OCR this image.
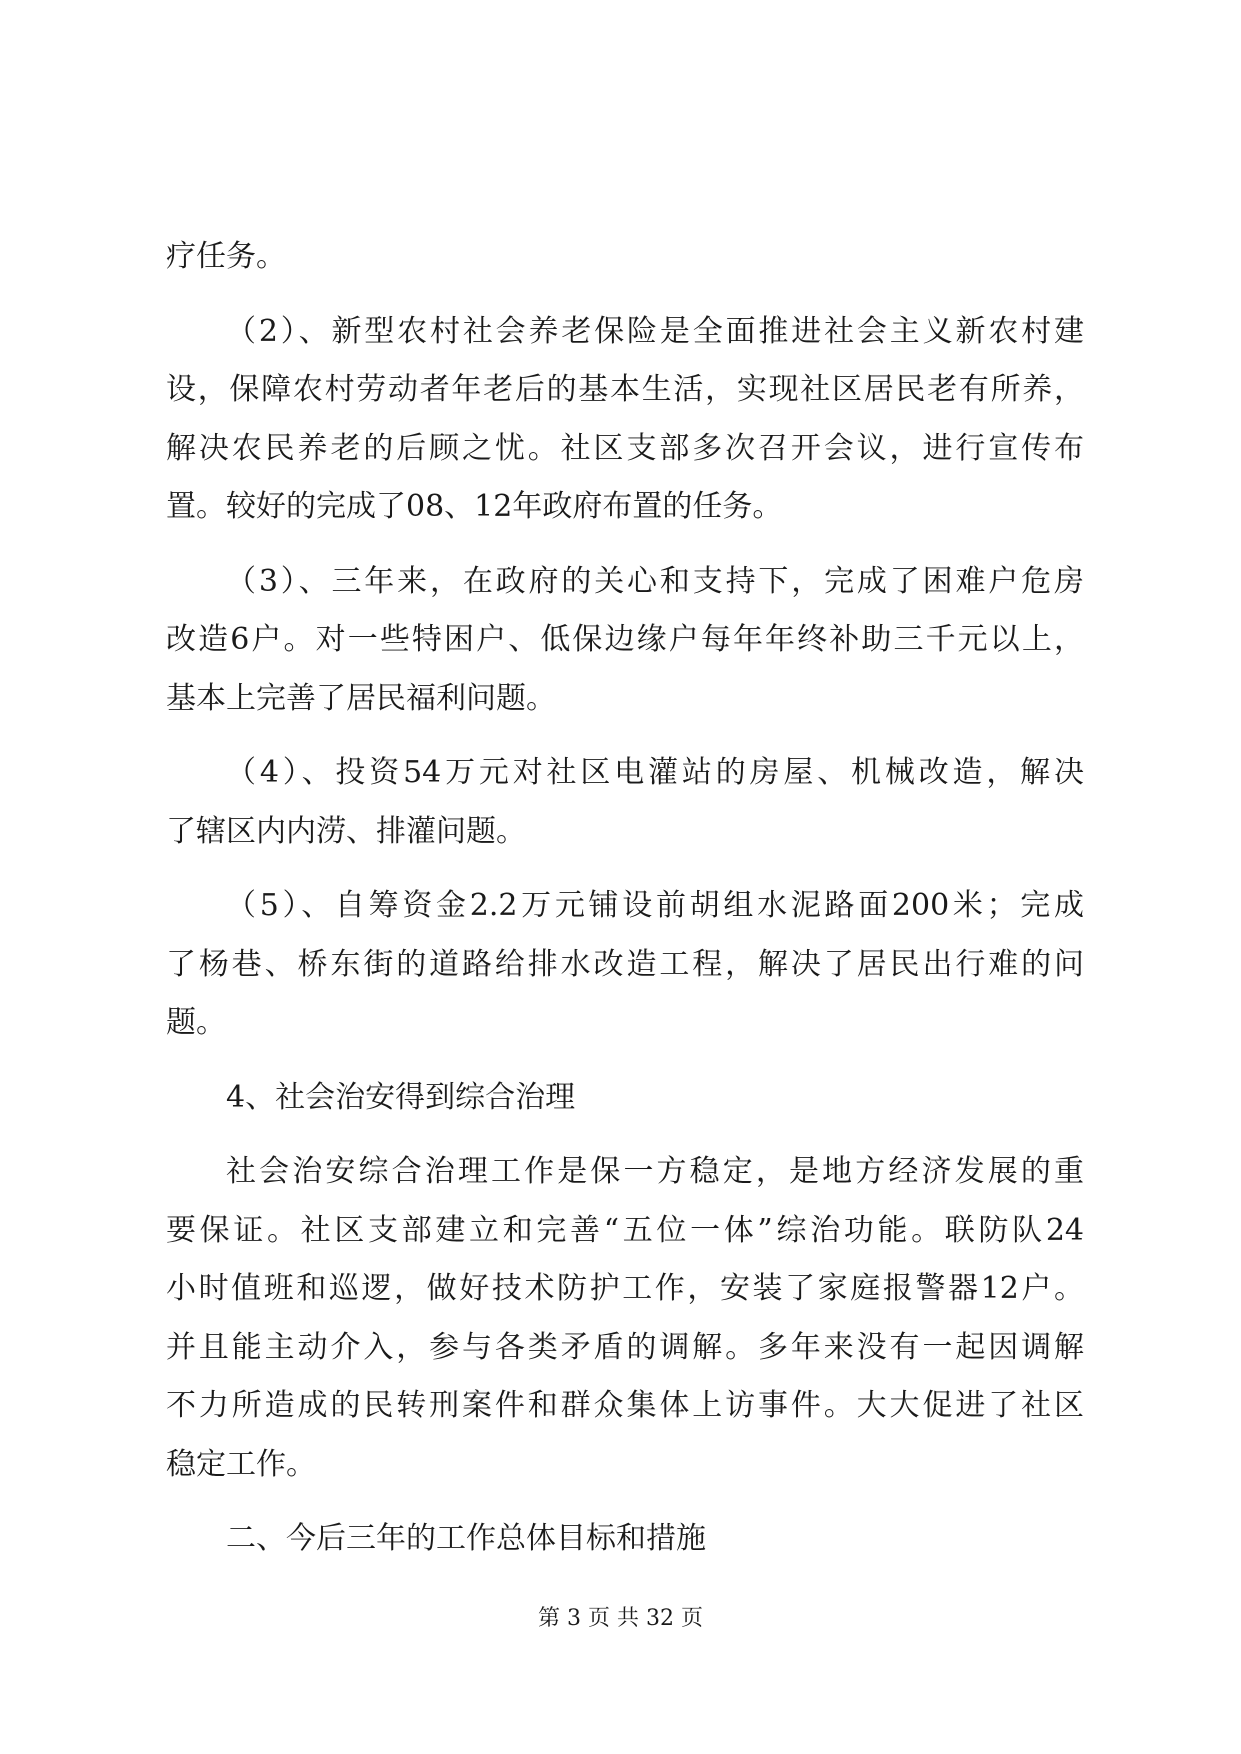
疗任务。
（2）、新型农村社会养老保险是全面推进社会主义新农村建
设，保障农村劳动者年老后的基本生活，实现社区居民老有所养，
解决农民养老的后顾之忧。社区支部多次召开会议，进行宣传布
置。较好的完成了08、12年政府布置的任务。
（3）、三年来，在政府的关心和支持下，完成了困难户危房
改造6户。对一些特困户、低保边缘户每年年终补助三千元以上，
基本上完善了居民福利问题。
（4）、投资54万元对社区电灌站的房屋、机械改造，解决
了辖区内内涝、排灌问题。
（5）、自筹资金2.2万元铺设前胡组水泥路面200米；完成
了杨巷、桥东街的道路给排水改造工程，解决了居民出行难的问
题。
4、社会治安得到综合治理
社会治安综合治理工作是保一方稳定，是地方经济发展的重
要保证。社区支部建立和完善“五位一体”综治功能。联防队24
小时值班和巡逻，做好技术防护工作，安装了家庭报警器12户。
并且能主动介入，参与各类矛盾的调解。多年来没有一起因调解
不力所造成的民转刑案件和群众集体上访事件。大大促进了社区
稳定工作。
二、今后三年的工作总体目标和措施
第 3 页 共 32 页
